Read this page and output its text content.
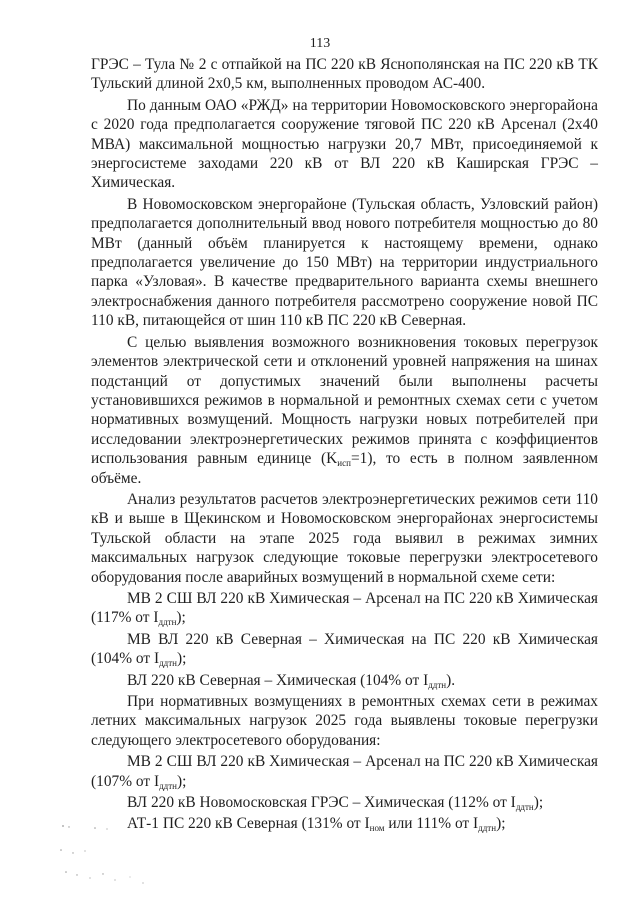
113

ГРЭС – Тула № 2 с отпайкой на ПС 220 кВ Яснополянская на ПС 220 кВ ТК Тульский длиной 2х0,5 км, выполненных проводом АС-400.

По данным ОАО «РЖД» на территории Новомосковского энергорайона с 2020 года предполагается сооружение тяговой ПС 220 кВ Арсенал (2х40 МВА) максимальной мощностью нагрузки 20,7 МВт, присоединяемой к энергосистеме заходами 220 кВ от ВЛ 220 кВ Каширская ГРЭС – Химическая.

В Новомосковском энергорайоне (Тульская область, Узловский район) предполагается дополнительный ввод нового потребителя мощностью до 80 МВт (данный объём планируется к настоящему времени, однако предполагается увеличение до 150 МВт) на территории индустриального парка «Узловая». В качестве предварительного варианта схемы внешнего электроснабжения данного потребителя рассмотрено сооружение новой ПС 110 кВ, питающейся от шин 110 кВ ПС 220 кВ Северная.

С целью выявления возможного возникновения токовых перегрузок элементов электрической сети и отклонений уровней напряжения на шинах подстанций от допустимых значений были выполнены расчеты установившихся режимов в нормальной и ремонтных схемах сети с учетом нормативных возмущений. Мощность нагрузки новых потребителей при исследовании электроэнергетических режимов принята с коэффициентов использования равным единице $(K_{исп}=1)$, то есть в полном заявленном объёме.

Анализ результатов расчетов электроэнергетических режимов сети 110 кВ и выше в Щекинском и Новомосковском энергорайонах энергосистемы Тульской области на этапе 2025 года выявил в режимах зимних максимальных нагрузок следующие токовые перегрузки электросетевого оборудования после аварийных возмущений в нормальной схеме сети:

МВ 2 СШ ВЛ 220 кВ Химическая – Арсенал на ПС 220 кВ Химическая (117% от $I_{ддтн}$);

МВ ВЛ 220 кВ Северная – Химическая на ПС 220 кВ Химическая (104% от $I_{ддтн}$);

ВЛ 220 кВ Северная – Химическая (104% от $I_{ддтн}$).

При нормативных возмущениях в ремонтных схемах сети в режимах летних максимальных нагрузок 2025 года выявлены токовые перегрузки следующего электросетевого оборудования:

МВ 2 СШ ВЛ 220 кВ Химическая – Арсенал на ПС 220 кВ Химическая (107% от $I_{ддтн}$);

ВЛ 220 кВ Новомосковская ГРЭС – Химическая (112% от $I_{ддтн}$);

АТ-1 ПС 220 кВ Северная (131% от $I_{ном}$ или 111% от $I_{ддтн}$);
